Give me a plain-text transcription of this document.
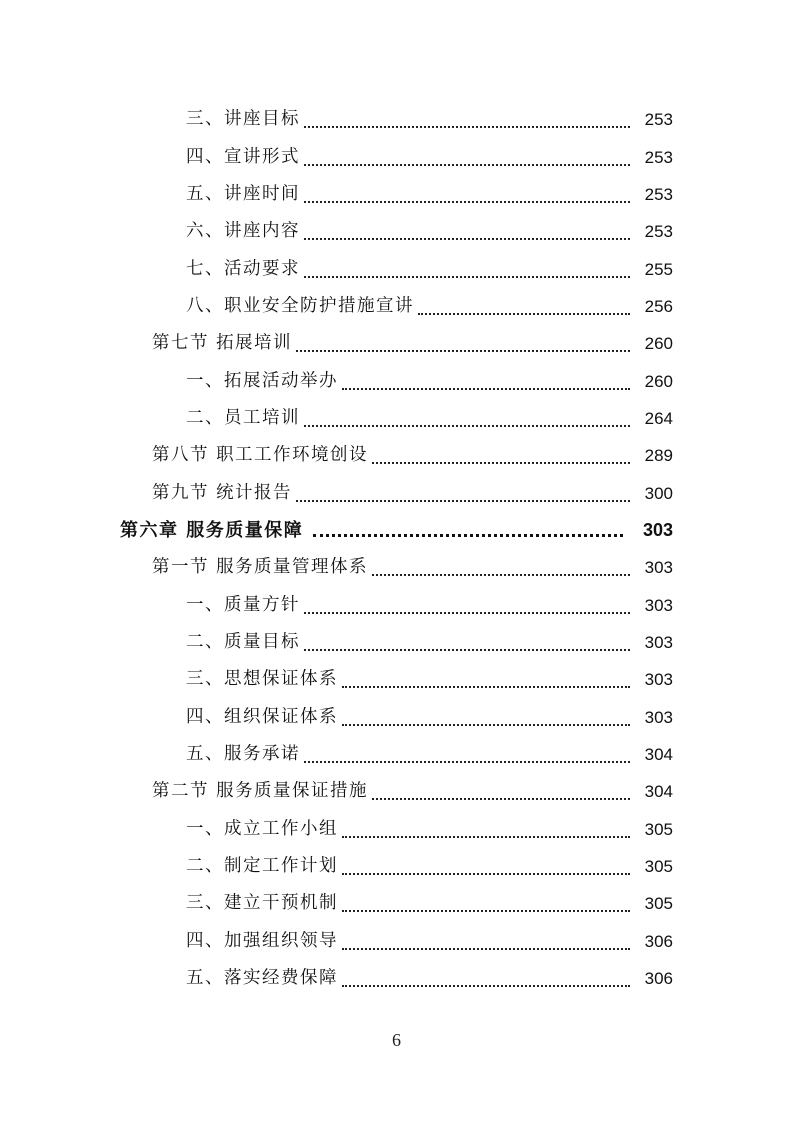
三、讲座目标	253
四、宣讲形式	253
五、讲座时间	253
六、讲座内容	253
七、活动要求	255
八、职业安全防护措施宣讲	256
第七节 拓展培训	260
一、拓展活动举办	260
二、员工培训	264
第八节 职工工作环境创设	289
第九节 统计报告	300
第六章 服务质量保障	303
第一节 服务质量管理体系	303
一、质量方针	303
二、质量目标	303
三、思想保证体系	303
四、组织保证体系	303
五、服务承诺	304
第二节 服务质量保证措施	304
一、成立工作小组	305
二、制定工作计划	305
三、建立干预机制	305
四、加强组织领导	306
五、落实经费保障	306
6
